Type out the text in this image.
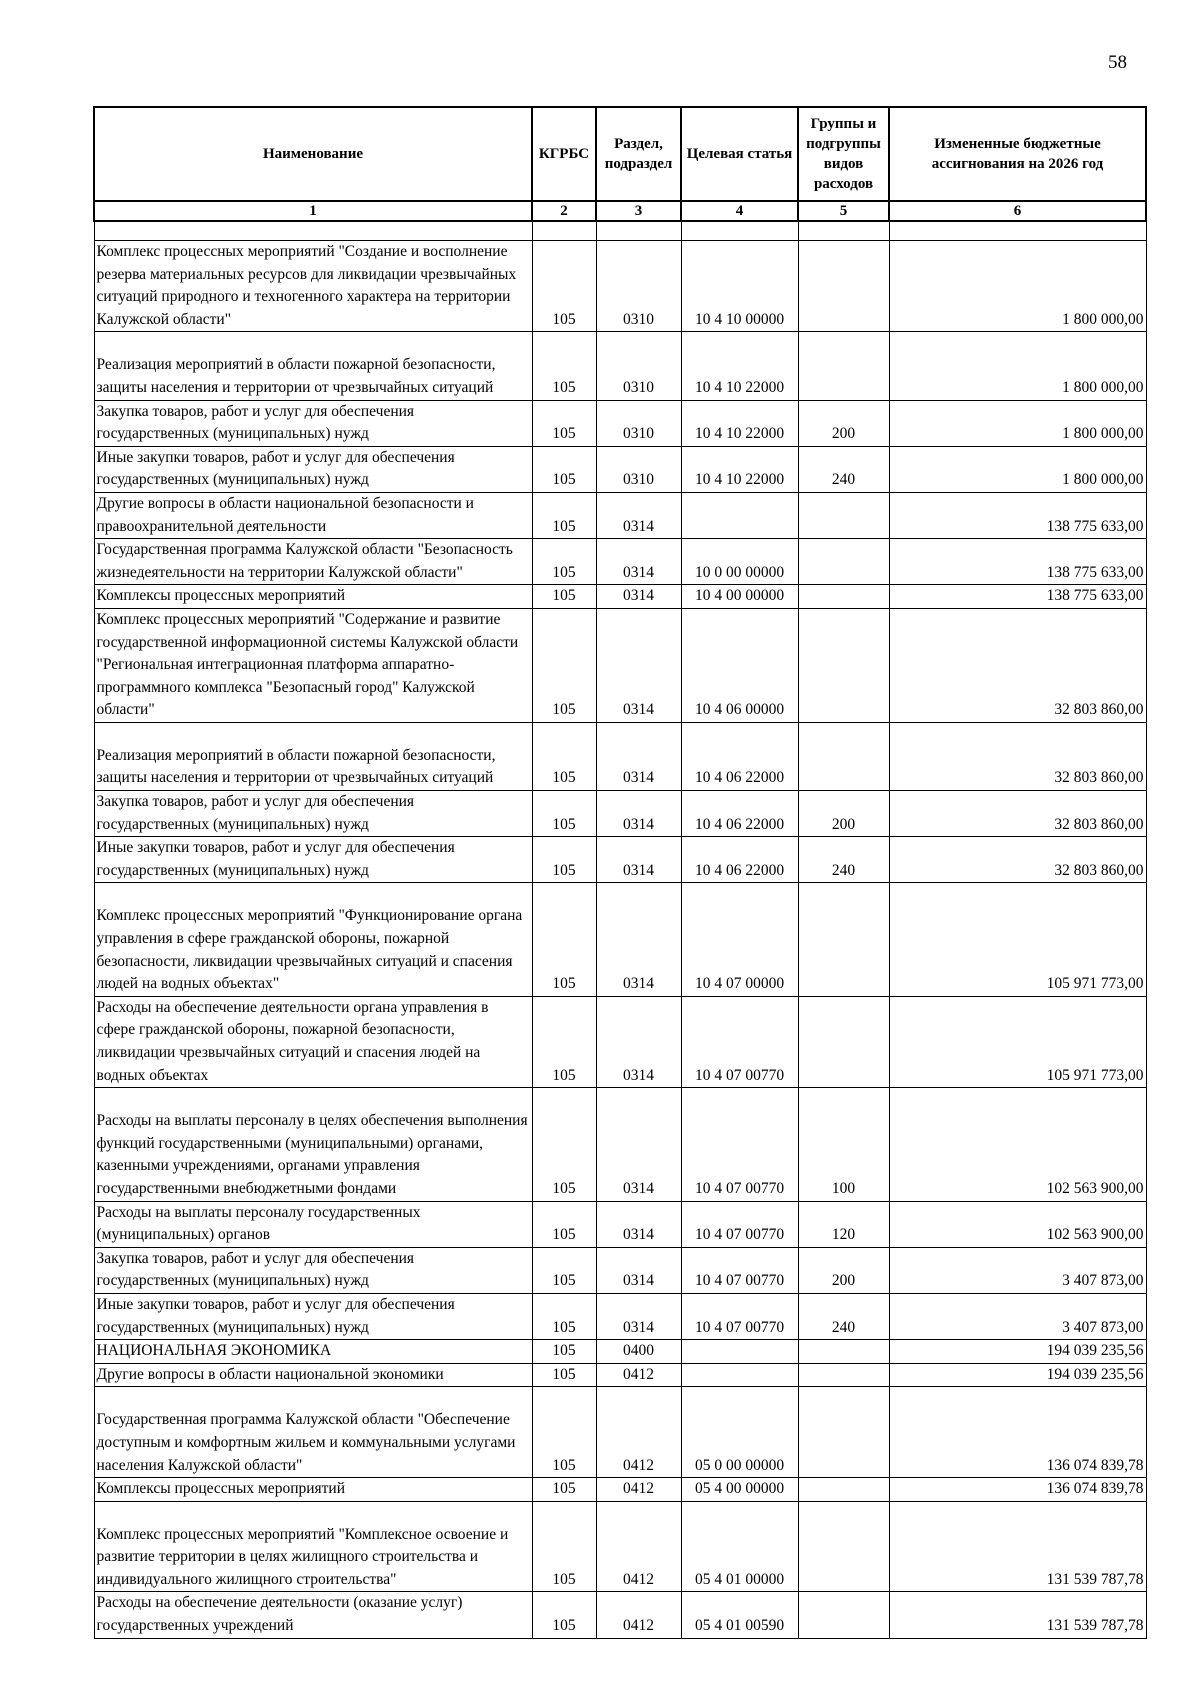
58
Наименование	КГРБС	Раздел, подраздел	Целевая статья	Группы и подгруппы видов расходов	Измененные бюджетные ассигнования на 2026 год
1	2	3	4	5	6

Комплекс процессных мероприятий "Создание и восполнение резерва материальных ресурсов для ликвидации чрезвычайных ситуаций природного и техногенного характера на территории Калужской области"	105	0310	10 4 10 00000		1 800 000,00

Реализация мероприятий в области пожарной безопасности, защиты населения и территории от чрезвычайных ситуаций	105	0310	10 4 10 22000		1 800 000,00
Закупка товаров, работ и услуг для обеспечения государственных (муниципальных) нужд	105	0310	10 4 10 22000	200	1 800 000,00
Иные закупки товаров, работ и услуг для обеспечения государственных (муниципальных) нужд	105	0310	10 4 10 22000	240	1 800 000,00
Другие вопросы в области национальной безопасности и правоохранительной деятельности	105	0314			138 775 633,00
Государственная программа Калужской области "Безопасность жизнедеятельности на территории Калужской области"	105	0314	10 0 00 00000		138 775 633,00
Комплексы процессных мероприятий	105	0314	10 4 00 00000		138 775 633,00
Комплекс процессных мероприятий "Содержание и развитие государственной информационной системы Калужской области "Региональная интеграционная платформа аппаратно-программного комплекса "Безопасный город" Калужской области"	105	0314	10 4 06 00000		32 803 860,00

Реализация мероприятий в области пожарной безопасности, защиты населения и территории от чрезвычайных ситуаций	105	0314	10 4 06 22000		32 803 860,00
Закупка товаров, работ и услуг для обеспечения государственных (муниципальных) нужд	105	0314	10 4 06 22000	200	32 803 860,00
Иные закупки товаров, работ и услуг для обеспечения государственных (муниципальных) нужд	105	0314	10 4 06 22000	240	32 803 860,00

Комплекс процессных мероприятий "Функционирование органа управления в сфере гражданской обороны, пожарной безопасности, ликвидации чрезвычайных ситуаций и спасения людей на водных объектах"	105	0314	10 4 07 00000		105 971 773,00
Расходы на обеспечение деятельности органа управления в сфере гражданской обороны, пожарной безопасности, ликвидации чрезвычайных ситуаций и спасения людей на водных объектах	105	0314	10 4 07 00770		105 971 773,00

Расходы на выплаты персоналу в целях обеспечения выполнения функций государственными (муниципальными) органами, казенными учреждениями, органами управления государственными внебюджетными фондами	105	0314	10 4 07 00770	100	102 563 900,00
Расходы на выплаты персоналу государственных (муниципальных) органов	105	0314	10 4 07 00770	120	102 563 900,00
Закупка товаров, работ и услуг для обеспечения государственных (муниципальных) нужд	105	0314	10 4 07 00770	200	3 407 873,00
Иные закупки товаров, работ и услуг для обеспечения государственных (муниципальных) нужд	105	0314	10 4 07 00770	240	3 407 873,00
НАЦИОНАЛЬНАЯ ЭКОНОМИКА	105	0400			194 039 235,56
Другие вопросы в области национальной экономики	105	0412			194 039 235,56

Государственная программа Калужской области "Обеспечение доступным и комфортным жильем и коммунальными услугами населения Калужской области"	105	0412	05 0 00 00000		136 074 839,78
Комплексы процессных мероприятий	105	0412	05 4 00 00000		136 074 839,78

Комплекс процессных мероприятий "Комплексное освоение и развитие территории в целях жилищного строительства и индивидуального жилищного строительства"	105	0412	05 4 01 00000		131 539 787,78
Расходы на обеспечение деятельности (оказание услуг) государственных учреждений	105	0412	05 4 01 00590		131 539 787,78
